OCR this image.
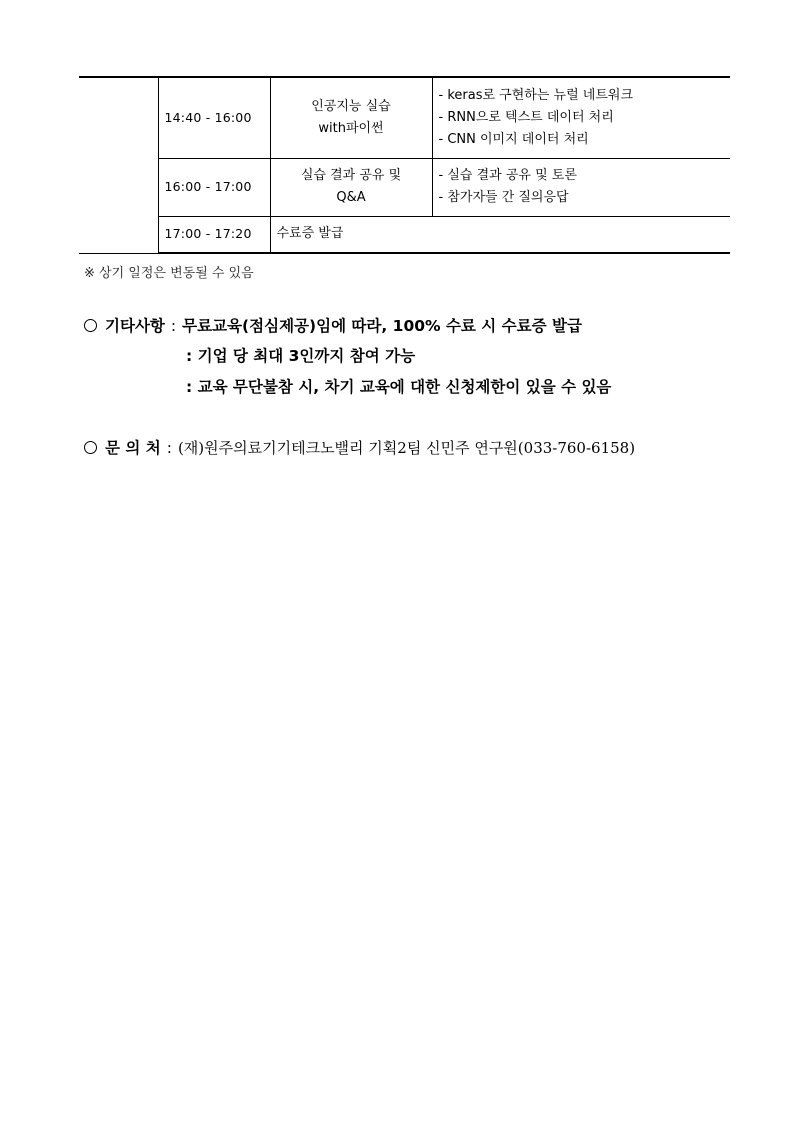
	14:40 - 16:00	인공지능 실습
with파이썬	- keras로 구현하는 뉴럴 네트워크
- RNN으로 텍스트 데이터 처리
- CNN 이미지 데이터 처리

	16:00 - 17:00	실습 결과 공유 및
Q&A	- 실습 결과 공유 및 토론
- 참가자들 간 질의응답

	17:00 - 17:20	수료증 발급	
※ 상기 일정은 변동될 수 있음
기타사항 : 무료교육(점심제공)임에 따라, 100% 수료 시 수료증 발급
: 기업 당 최대 3인까지 참여 가능
: 교육 무단불참 시, 차기 교육에 대한 신청제한이 있을 수 있음
문 의 처 : (재)원주의료기기테크노밸리 기획2팀 신민주 연구원(033-760-6158)
